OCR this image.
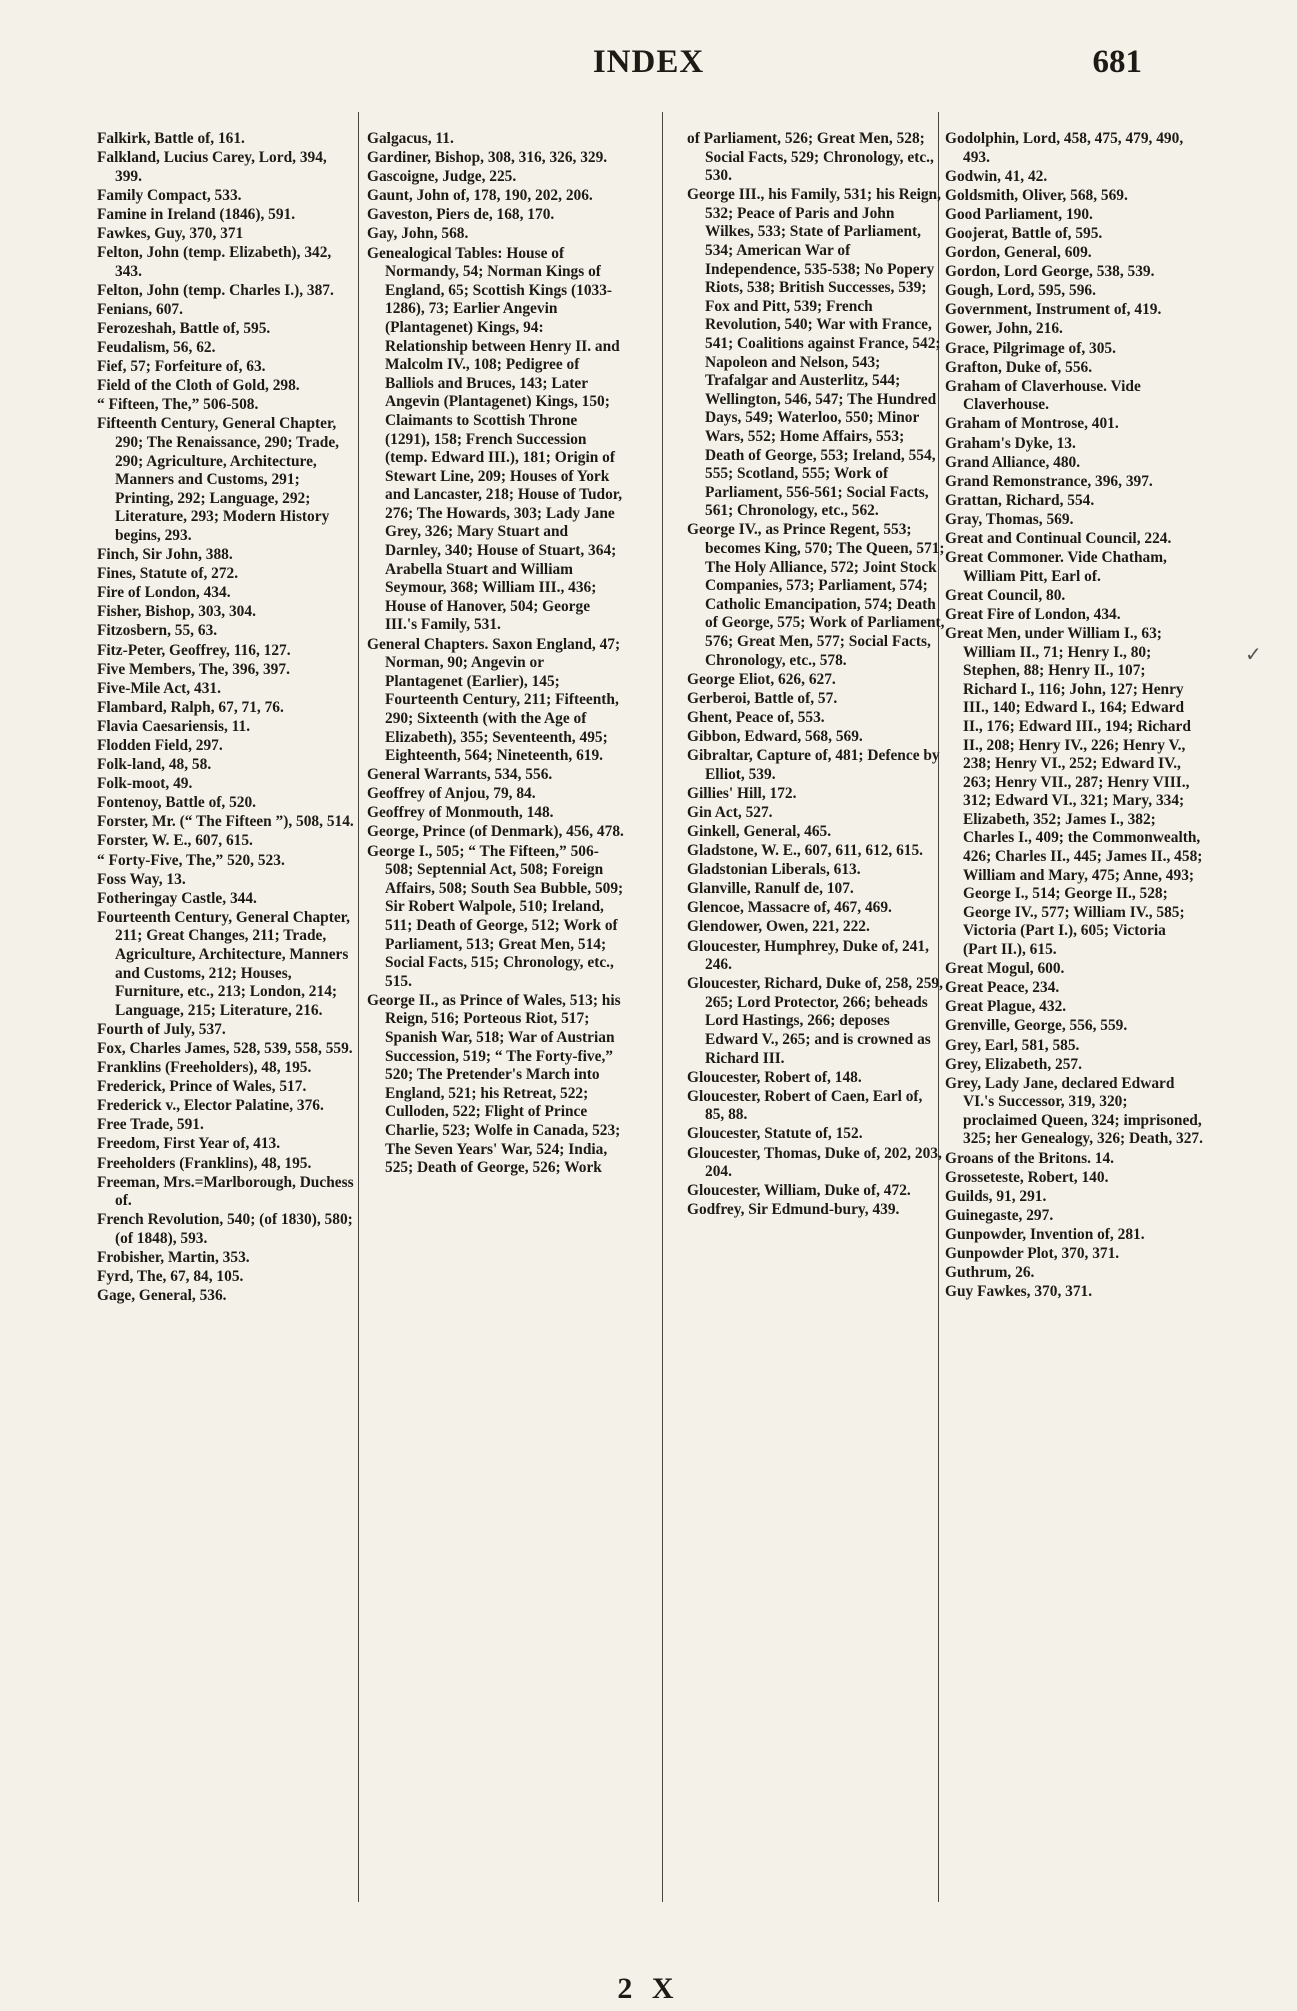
INDEX	681
Falkirk, Battle of, 161.
Falkland, Lucius Carey, Lord, 394, 399.
Family Compact, 533.
Famine in Ireland (1846), 591.
Fawkes, Guy, 370, 371
Felton, John (temp. Elizabeth), 342, 343.
Felton, John (temp. Charles I.), 387.
Fenians, 607.
Ferozeshah, Battle of, 595.
Feudalism, 56, 62.
Fief, 57; Forfeiture of, 63.
Field of the Cloth of Gold, 298.
“ Fifteen, The,” 506-508.
Fifteenth Century, General Chapter, 290; The Renaissance, 290; Trade, 290; Agriculture, Architecture, Manners and Customs, 291; Printing, 292; Language, 292; Literature, 293; Modern History begins, 293.
Finch, Sir John, 388.
Fines, Statute of, 272.
Fire of London, 434.
Fisher, Bishop, 303, 304.
Fitzosbern, 55, 63.
Fitz-Peter, Geoffrey, 116, 127.
Five Members, The, 396, 397.
Five-Mile Act, 431.
Flambard, Ralph, 67, 71, 76.
Flavia Caesariensis, 11.
Flodden Field, 297.
Folk-land, 48, 58.
Folk-moot, 49.
Fontenoy, Battle of, 520.
Forster, Mr. (“ The Fifteen ”), 508, 514.
Forster, W. E., 607, 615.
“ Forty-Five, The,” 520, 523.
Foss Way, 13.
Fotheringay Castle, 344.
Fourteenth Century, General Chapter, 211; Great Changes, 211; Trade, Agriculture, Architecture, Manners and Customs, 212; Houses, Furniture, etc., 213; London, 214; Language, 215; Literature, 216.
Fourth of July, 537.
Fox, Charles James, 528, 539, 558, 559.
Franklins (Freeholders), 48, 195.
Frederick, Prince of Wales, 517.
Frederick v., Elector Palatine, 376.
Free Trade, 591.
Freedom, First Year of, 413.
Freeholders (Franklins), 48, 195.
Freeman, Mrs.=Marlborough, Duchess of.
French Revolution, 540; (of 1830), 580; (of 1848), 593.
Frobisher, Martin, 353.
Fyrd, The, 67, 84, 105.
Gage, General, 536.
Galgacus, 11.
Gardiner, Bishop, 308, 316, 326, 329.
Gascoigne, Judge, 225.
Gaunt, John of, 178, 190, 202, 206.
Gaveston, Piers de, 168, 170.
Gay, John, 568.
Genealogical Tables: House of Normandy, 54; Norman Kings of England, 65; Scottish Kings (1033-1286), 73; Earlier Angevin (Plantagenet) Kings, 94: Relationship between Henry II. and Malcolm IV., 108; Pedigree of Balliols and Bruces, 143; Later Angevin (Plantagenet) Kings, 150; Claimants to Scottish Throne (1291), 158; French Succession (temp. Edward III.), 181; Origin of Stewart Line, 209; Houses of York and Lancaster, 218; House of Tudor, 276; The Howards, 303; Lady Jane Grey, 326; Mary Stuart and Darnley, 340; House of Stuart, 364; Arabella Stuart and William Seymour, 368; William III., 436; House of Hanover, 504; George III.'s Family, 531.
General Chapters. Saxon England, 47; Norman, 90; Angevin or Plantagenet (Earlier), 145; Fourteenth Century, 211; Fifteenth, 290; Sixteenth (with the Age of Elizabeth), 355; Seventeenth, 495; Eighteenth, 564; Nineteenth, 619.
General Warrants, 534, 556.
Geoffrey of Anjou, 79, 84.
Geoffrey of Monmouth, 148.
George, Prince (of Denmark), 456, 478.
George I., 505; “ The Fifteen,” 506-508; Septennial Act, 508; Foreign Affairs, 508; South Sea Bubble, 509; Sir Robert Walpole, 510; Ireland, 511; Death of George, 512; Work of Parliament, 513; Great Men, 514; Social Facts, 515; Chronology, etc., 515.
George II., as Prince of Wales, 513; his Reign, 516; Porteous Riot, 517; Spanish War, 518; War of Austrian Succession, 519; “ The Forty-five,” 520; The Pretender's March into England, 521; his Retreat, 522; Culloden, 522; Flight of Prince Charlie, 523; Wolfe in Canada, 523; The Seven Years' War, 524; India, 525; Death of George, 526; Work
of Parliament, 526; Great Men, 528; Social Facts, 529; Chronology, etc., 530.
George III., his Family, 531; his Reign, 532; Peace of Paris and John Wilkes, 533; State of Parliament, 534; American War of Independence, 535-538; No Popery Riots, 538; British Successes, 539; Fox and Pitt, 539; French Revolution, 540; War with France, 541; Coalitions against France, 542; Napoleon and Nelson, 543; Trafalgar and Austerlitz, 544; Wellington, 546, 547; The Hundred Days, 549; Waterloo, 550; Minor Wars, 552; Home Affairs, 553; Death of George, 553; Ireland, 554, 555; Scotland, 555; Work of Parliament, 556-561; Social Facts, 561; Chronology, etc., 562.
George IV., as Prince Regent, 553; becomes King, 570; The Queen, 571; The Holy Alliance, 572; Joint Stock Companies, 573; Parliament, 574; Catholic Emancipation, 574; Death of George, 575; Work of Parliament, 576; Great Men, 577; Social Facts, Chronology, etc., 578.
George Eliot, 626, 627.
Gerberoi, Battle of, 57.
Ghent, Peace of, 553.
Gibbon, Edward, 568, 569.
Gibraltar, Capture of, 481; Defence by Elliot, 539.
Gillies' Hill, 172.
Gin Act, 527.
Ginkell, General, 465.
Gladstone, W. E., 607, 611, 612, 615.
Gladstonian Liberals, 613.
Glanville, Ranulf de, 107.
Glencoe, Massacre of, 467, 469.
Glendower, Owen, 221, 222.
Gloucester, Humphrey, Duke of, 241, 246.
Gloucester, Richard, Duke of, 258, 259, 265; Lord Protector, 266; beheads Lord Hastings, 266; deposes Edward V., 265; and is crowned as Richard III.
Gloucester, Robert of, 148.
Gloucester, Robert of Caen, Earl of, 85, 88.
Gloucester, Statute of, 152.
Gloucester, Thomas, Duke of, 202, 203, 204.
Gloucester, William, Duke of, 472.
Godfrey, Sir Edmund-bury, 439.
Godolphin, Lord, 458, 475, 479, 490, 493.
Godwin, 41, 42.
Goldsmith, Oliver, 568, 569.
Good Parliament, 190.
Goojerat, Battle of, 595.
Gordon, General, 609.
Gordon, Lord George, 538, 539.
Gough, Lord, 595, 596.
Government, Instrument of, 419.
Gower, John, 216.
Grace, Pilgrimage of, 305.
Grafton, Duke of, 556.
Graham of Claverhouse. Vide Claverhouse.
Graham of Montrose, 401.
Graham's Dyke, 13.
Grand Alliance, 480.
Grand Remonstrance, 396, 397.
Grattan, Richard, 554.
Gray, Thomas, 569.
Great and Continual Council, 224.
Great Commoner. Vide Chatham, William Pitt, Earl of.
Great Council, 80.
Great Fire of London, 434.
Great Men, under William I., 63; William II., 71; Henry I., 80; Stephen, 88; Henry II., 107; Richard I., 116; John, 127; Henry III., 140; Edward I., 164; Edward II., 176; Edward III., 194; Richard II., 208; Henry IV., 226; Henry V., 238; Henry VI., 252; Edward IV., 263; Henry VII., 287; Henry VIII., 312; Edward VI., 321; Mary, 334; Elizabeth, 352; James I., 382; Charles I., 409; the Commonwealth, 426; Charles II., 445; James II., 458; William and Mary, 475; Anne, 493; George I., 514; George II., 528; George IV., 577; William IV., 585; Victoria (Part I.), 605; Victoria (Part II.), 615.
Great Mogul, 600.
Great Peace, 234.
Great Plague, 432.
Grenville, George, 556, 559.
Grey, Earl, 581, 585.
Grey, Elizabeth, 257.
Grey, Lady Jane, declared Edward VI.'s Successor, 319, 320; proclaimed Queen, 324; imprisoned, 325; her Genealogy, 326; Death, 327.
Groans of the Britons. 14.
Grosseteste, Robert, 140.
Guilds, 91, 291.
Guinegaste, 297.
Gunpowder, Invention of, 281.
Gunpowder Plot, 370, 371.
Guthrum, 26.
Guy Fawkes, 370, 371.
✓
2 X
